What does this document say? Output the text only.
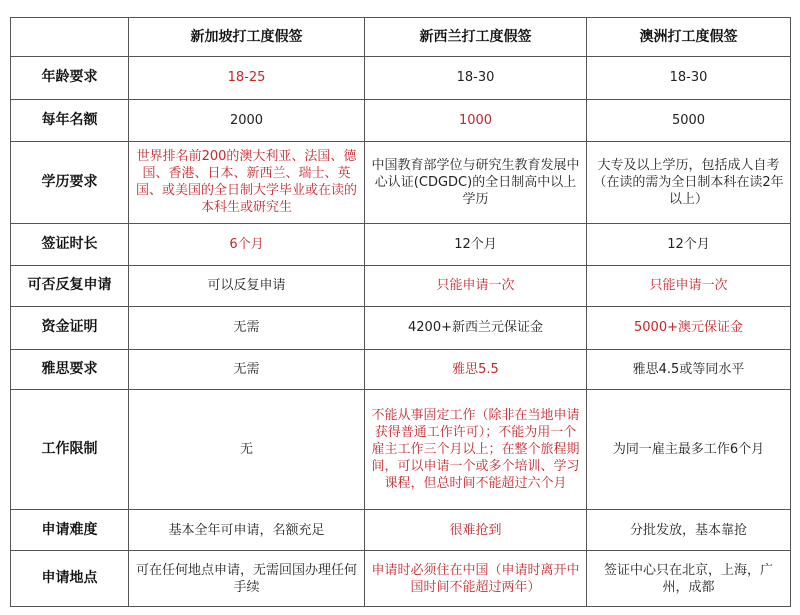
	新加坡打工度假签	新西兰打工度假签	澳洲打工度假签
年龄要求	18-25	18-30	18-30
每年名额	2000	1000	5000
学历要求	世界排名前200的澳大利亚、法国、德国、香港、日本、新西兰、瑞士、英国、或美国的全日制大学毕业或在读的本科生或研究生	中国教育部学位与研究生教育发展中心认证(CDGDC)的全日制高中以上学历	大专及以上学历，包括成人自考（在读的需为全日制本科在读2年以上）
签证时长	6个月	12个月	12个月
可否反复申请	可以反复申请	只能申请一次	只能申请一次
资金证明	无需	4200+新西兰元保证金	5000+澳元保证金
雅思要求	无需	雅思5.5	雅思4.5或等同水平
工作限制	无	不能从事固定工作（除非在当地申请获得普通工作许可）；不能为用一个雇主工作三个月以上；在整个旅程期间，可以申请一个或多个培训、学习课程，但总时间不能超过六个月	为同一雇主最多工作6个月
申请难度	基本全年可申请，名额充足	很难抢到	分批发放，基本靠抢
申请地点	可在任何地点申请，无需回国办理任何手续	申请时必须住在中国（申请时离开中国时间不能超过两年）	签证中心只在北京，上海，广州，成都
